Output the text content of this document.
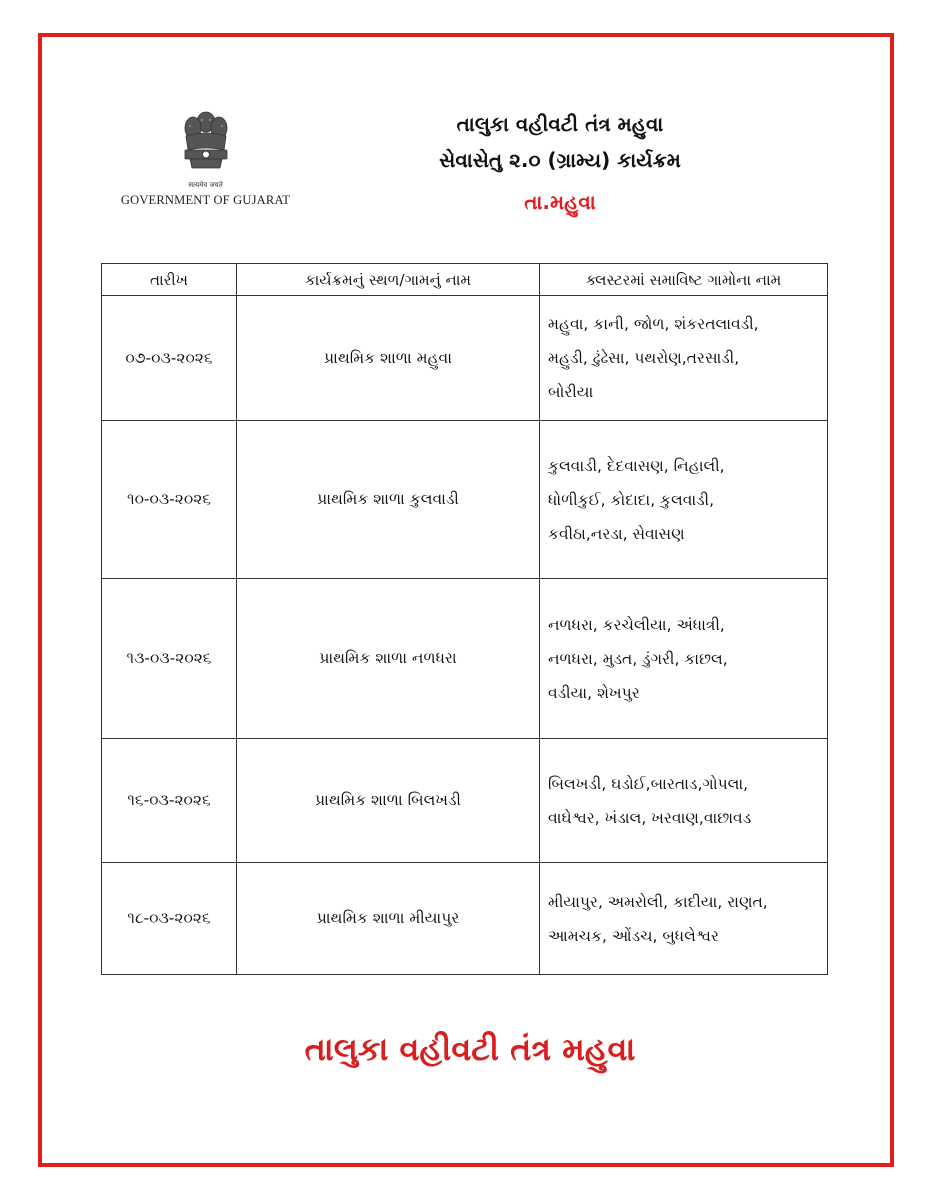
सत्यमेव जयते
GOVERNMENT OF GUJARAT
તાલુકા વહીવટી તંત્ર મહુવા
સેવાસેતુ ૨.૦ (ગ્રામ્ય) કાર્યક્રમ
તા.મહુવા
તારીખ	કાર્યક્રમનું સ્થળ/ગામનું નામ	ક્લસ્ટરમાં સમાવિષ્ટ ગામોના નામ
૦૭-૦૩-૨૦૨૬	પ્રાથમિક શાળા મહુવા	મહુવા, કાની, જોળ, શંકરતલાવડી,
મહુડી, ઢુંઢેસા, પથરોણ,તરસાડી,
બોરીયા

૧૦-૦૩-૨૦૨૬	પ્રાથમિક શાળા કુલવાડી	કુલવાડી, દેદવાસણ, નિહાલી,
ધોળીકુઈ, કોદાદા, કુલવાડી,
કવીઠા,નરડા, સેવાસણ

૧૩-૦૩-૨૦૨૬	પ્રાથમિક શાળા નળધરા	નળધરા, કરચેલીયા, અંધાત્રી,
નળધરા, મુડત, ડુંગરી, કાછલ,
વડીયા, શેખપુર

૧૬-૦૩-૨૦૨૬	પ્રાથમિક શાળા બિલખડી	બિલખડી, ઘડોઈ,બારતાડ,ગોપલા,
વાઘેશ્વર, ખંડાલ, ખરવાણ,વાછાવડ

૧૮-૦૩-૨૦૨૬	પ્રાથમિક શાળા મીયાપુર	મીયાપુર, અમરોલી, કાદીયા, રાણત,
આમચક, ઓંડચ, બુધલેશ્વર
તાલુકા વહીવટી તંત્ર મહુવા
